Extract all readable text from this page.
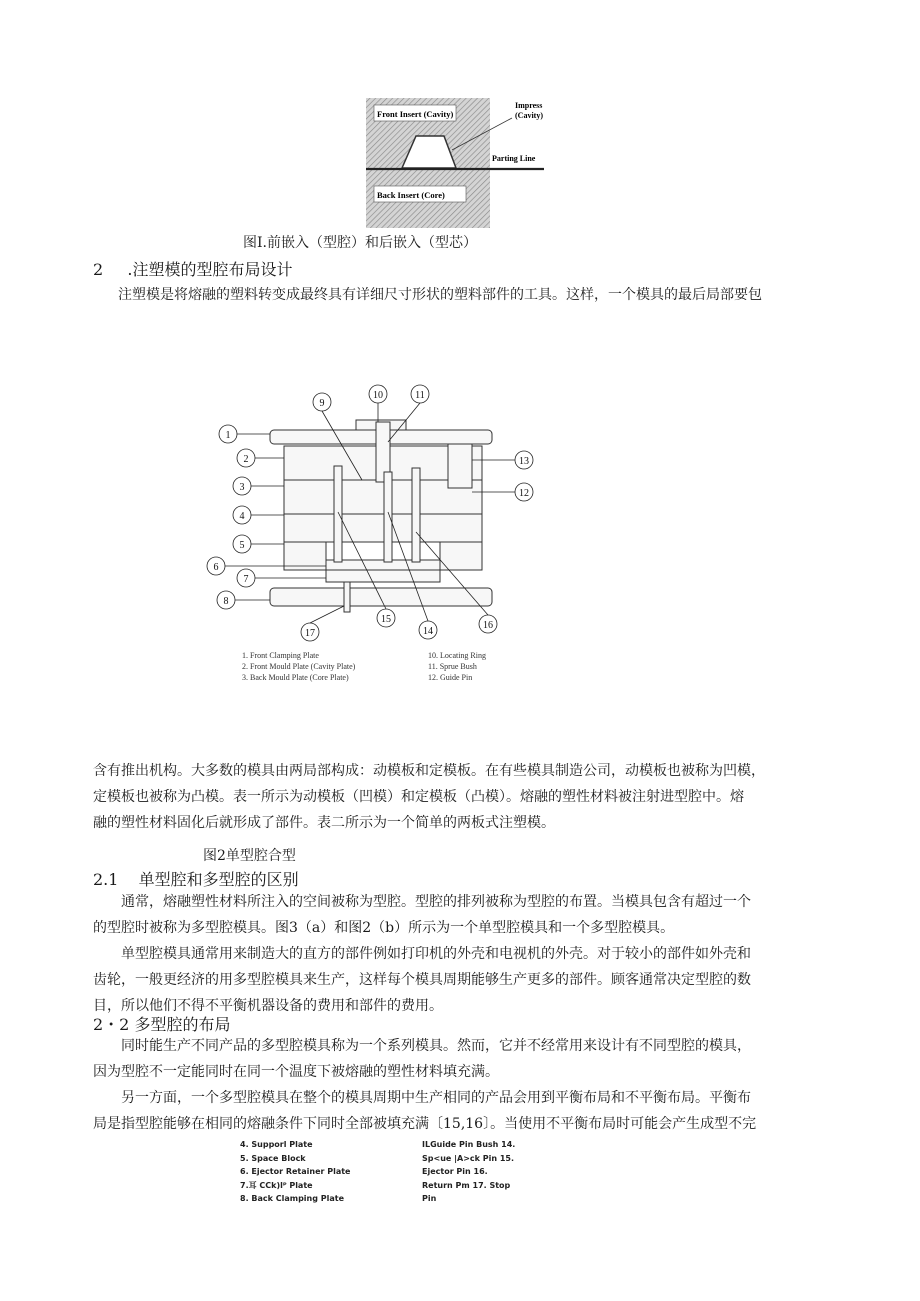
Front Insert (Cavity)
Back Insert (Core)
Impress
(Cavity)
Parting Line
图I.前嵌入（型腔）和后嵌入（型芯）
2 .注塑模的型腔布局设计
注塑模是将熔融的塑料转变成最终具有详细尺寸形状的塑料部件的工具。这样，一个模具的最后局部要包
1
2
3
4
5
6
7
8
9
10	11
12
13
14
15
16
17
1. Front Clamping Plate
2. Front Mould Plate (Cavity Plate)
3. Back Mould Plate (Core Plate)
10. Locating Ring
11. Sprue Bush
12. Guide Pin
含有推出机构。大多数的模具由两局部构成：动模板和定模板。在有些模具制造公司，动模板也被称为凹模，
定模板也被称为凸模。表一所示为动模板（凹模）和定模板（凸模）。熔融的塑性材料被注射进型腔中。熔
融的塑性材料固化后就形成了部件。表二所示为一个简单的两板式注塑模。
图2单型腔合型
2.1 单型腔和多型腔的区别
通常，熔融塑性材料所注入的空间被称为型腔。型腔的排列被称为型腔的布置。当模具包含有超过一个
的型腔时被称为多型腔模具。图3（a）和图2（b）所示为一个单型腔模具和一个多型腔模具。
单型腔模具通常用来制造大的直方的部件例如打印机的外壳和电视机的外壳。对于较小的部件如外壳和
齿轮，一般更经济的用多型腔模具来生产，这样每个模具周期能够生产更多的部件。顾客通常决定型腔的数
目，所以他们不得不平衡机器设备的费用和部件的费用。
2・2 多型腔的布局
同时能生产不同产品的多型腔模具称为一个系列模具。然而，它并不经常用来设计有不同型腔的模具，
因为型腔不一定能同时在同一个温度下被熔融的塑性材料填充满。
另一方面，一个多型腔模具在整个的模具周期中生产相同的产品会用到平衡布局和不平衡布局。平衡布
局是指型腔能够在相同的熔融条件下同时全部被填充满〔15,16〕。当使用不平衡布局时可能会产生成型不完
4. Supporl Plate
5. Space Block
6. Ejector Retainer Plate
7.耳 CCk)lᴾ Plate
8. Back Clamping Plate
ILGuide Pin Bush 14.
Sp<ue |A>ck Pin 15.
Ejector Pin 16.
Return Pm 17. Stop
Pin
